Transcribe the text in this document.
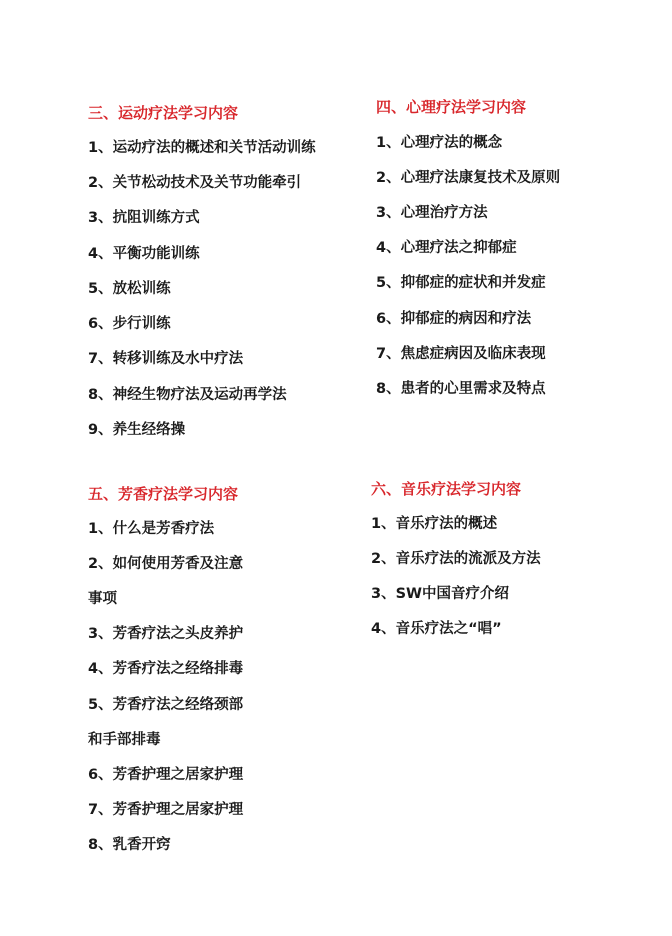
三、运动疗法学习内容
1、运动疗法的概述和关节活动训练
2、关节松动技术及关节功能牵引
3、抗阻训练方式
4、平衡功能训练
5、放松训练
6、步行训练
7、转移训练及水中疗法
8、神经生物疗法及运动再学法
9、养生经络操
四、心理疗法学习内容
1、心理疗法的概念
2、心理疗法康复技术及原则
3、心理治疗方法
4、心理疗法之抑郁症
5、抑郁症的症状和并发症
6、抑郁症的病因和疗法
7、焦虑症病因及临床表现
8、患者的心里需求及特点
五、芳香疗法学习内容
1、什么是芳香疗法
2、如何使用芳香及注意
事项
3、芳香疗法之头皮养护
4、芳香疗法之经络排毒
5、芳香疗法之经络颈部
和手部排毒
6、芳香护理之居家护理
7、芳香护理之居家护理
8、乳香开窍
六、音乐疗法学习内容
1、音乐疗法的概述
2、音乐疗法的流派及方法
3、SW中国音疗介绍
4、音乐疗法之“唱”
